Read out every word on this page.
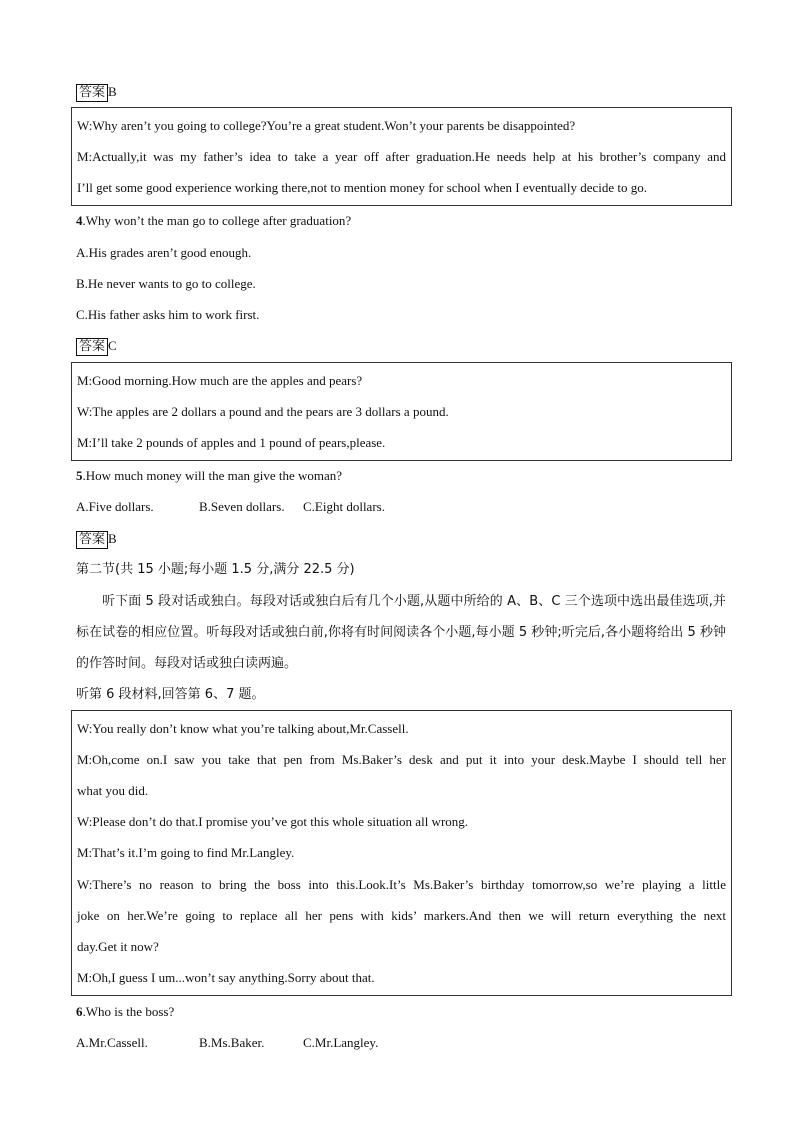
答案 B
W:Why aren’t you going to college?You’re a great student.Won’t your parents be disappointed?
M:Actually,it was my father’s idea to take a year off after graduation.He needs help at his brother’s company and
I’ll get some good experience working there,not to mention money for school when I eventually decide to go.
4.Why won’t the man go to college after graduation?
A.His grades aren’t good enough.
B.He never wants to go to college.
C.His father asks him to work first.
答案 C
M:Good morning.How much are the apples and pears?
W:The apples are 2 dollars a pound and the pears are 3 dollars a pound.
M:I’ll take 2 pounds of apples and 1 pound of pears,please.
5.How much money will the man give the woman?
A.Five dollars.	B.Seven dollars. C.Eight dollars.
答案 B
第二节(共 15 小题;每小题 1.5 分,满分 22.5 分)
听下面 5 段对话或独白。每段对话或独白后有几个小题,从题中所给的 A、B、C 三个选项中选出最佳选项,并标在试卷的相应位置。听每段对话或独白前,你将有时间阅读各个小题,每小题 5 秒钟;听完后,各小题将给出 5 秒钟的作答时间。每段对话或独白读两遍。
听第 6 段材料,回答第 6、7 题。
W:You really don’t know what you’re talking about,Mr.Cassell.
M:Oh,come on.I saw you take that pen from Ms.Baker’s desk and put it into your desk.Maybe I should tell her
what you did.
W:Please don’t do that.I promise you’ve got this whole situation all wrong.
M:That’s it.I’m going to find Mr.Langley.
W:There’s no reason to bring the boss into this.Look.It’s Ms.Baker’s birthday tomorrow,so we’re playing a little
joke on her.We’re going to replace all her pens with kids’ markers.And then we will return everything the next
day.Get it now?
M:Oh,I guess I um...won’t say anything.Sorry about that.
6.Who is the boss?
A.Mr.Cassell.	B.Ms.Baker.	C.Mr.Langley.
